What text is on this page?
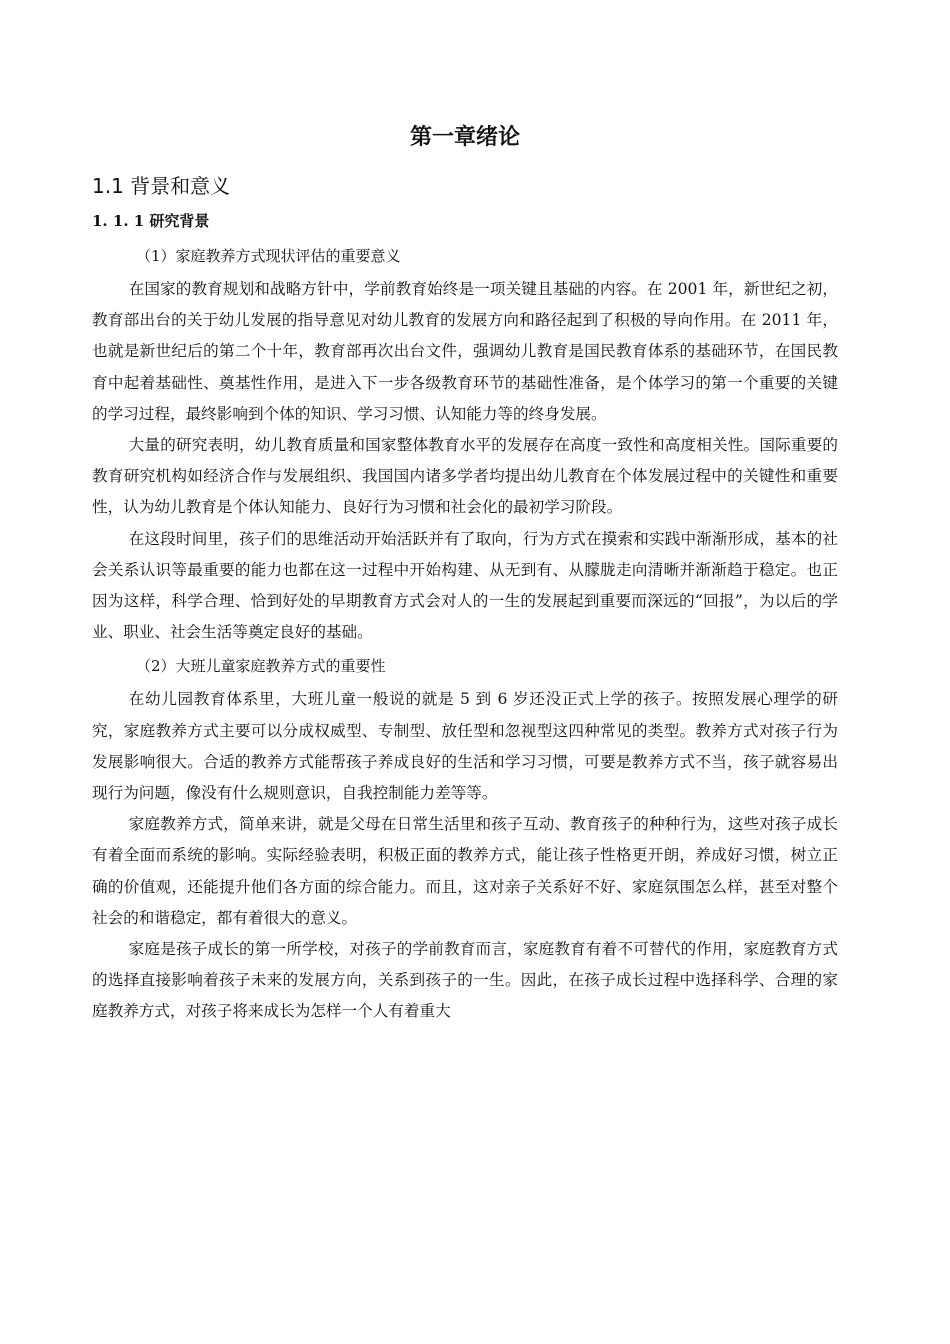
第一章绪论
1.1 背景和意义
1. 1. 1 研究背景

（1）家庭教养方式现状评估的重要意义

在国家的教育规划和战略方针中，学前教育始终是一项关键且基础的内容。在 2001 年，新世纪之初，教育部出台的关于幼儿发展的指导意见对幼儿教育的发展方向和路径起到了积极的导向作用。在 2011 年，也就是新世纪后的第二个十年，教育部再次出台文件，强调幼儿教育是国民教育体系的基础环节，在国民教育中起着基础性、奠基性作用，是进入下一步各级教育环节的基础性准备，是个体学习的第一个重要的关键的学习过程，最终影响到个体的知识、学习习惯、认知能力等的终身发展。

大量的研究表明，幼儿教育质量和国家整体教育水平的发展存在高度一致性和高度相关性。国际重要的教育研究机构如经济合作与发展组织、我国国内诸多学者均提出幼儿教育在个体发展过程中的关键性和重要性，认为幼儿教育是个体认知能力、良好行为习惯和社会化的最初学习阶段。

在这段时间里，孩子们的思维活动开始活跃并有了取向，行为方式在摸索和实践中渐渐形成，基本的社会关系认识等最重要的能力也都在这一过程中开始构建、从无到有、从朦胧走向清晰并渐渐趋于稳定。也正因为这样，科学合理、恰到好处的早期教育方式会对人的一生的发展起到重要而深远的“回报”，为以后的学业、职业、社会生活等奠定良好的基础。

（2）大班儿童家庭教养方式的重要性

在幼儿园教育体系里，大班儿童一般说的就是 5 到 6 岁还没正式上学的孩子。按照发展心理学的研究，家庭教养方式主要可以分成权威型、专制型、放任型和忽视型这四种常见的类型。教养方式对孩子行为发展影响很大。合适的教养方式能帮孩子养成良好的生活和学习习惯，可要是教养方式不当，孩子就容易出现行为问题，像没有什么规则意识，自我控制能力差等等。

家庭教养方式，简单来讲，就是父母在日常生活里和孩子互动、教育孩子的种种行为，这些对孩子成长有着全面而系统的影响。实际经验表明，积极正面的教养方式，能让孩子性格更开朗，养成好习惯，树立正确的价值观，还能提升他们各方面的综合能力。而且，这对亲子关系好不好、家庭氛围怎么样，甚至对整个社会的和谐稳定，都有着很大的意义。

家庭是孩子成长的第一所学校，对孩子的学前教育而言，家庭教育有着不可替代的作用，家庭教育方式的选择直接影响着孩子未来的发展方向，关系到孩子的一生。因此，在孩子成长过程中选择科学、合理的家庭教养方式，对孩子将来成长为怎样一个人有着重大
